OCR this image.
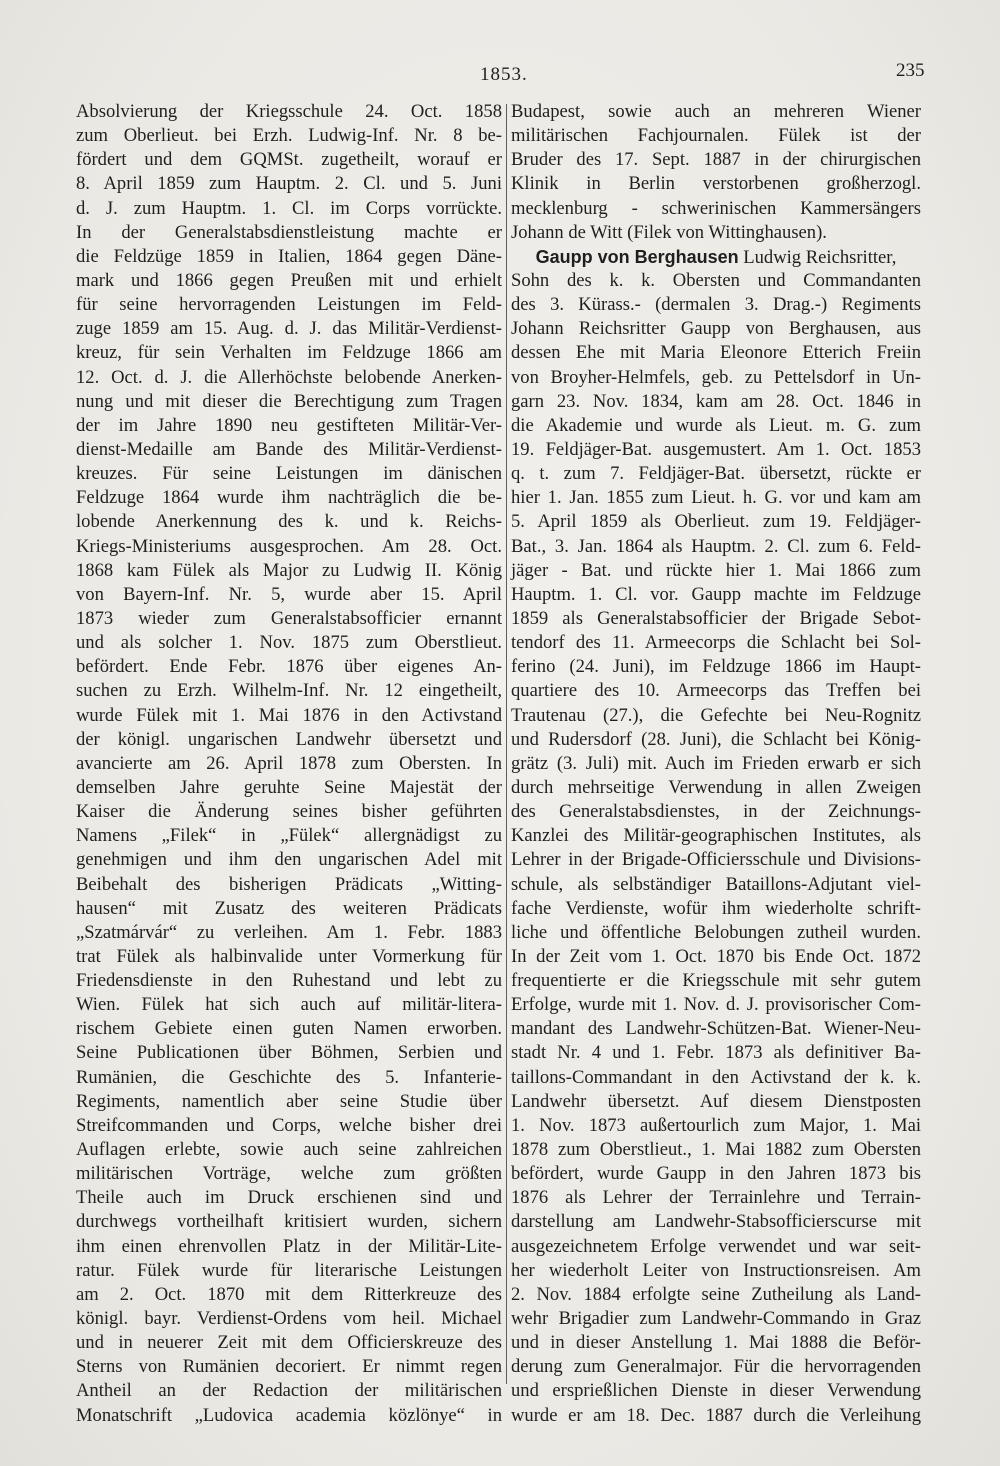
1853.	235
Absolvierung der Kriegsschule 24. Oct. 1858
zum Oberlieut. bei Erzh. Ludwig-Inf. Nr. 8 be-
fördert und dem GQMSt. zugetheilt, worauf er
8. April 1859 zum Hauptm. 2. Cl. und 5. Juni
d. J. zum Hauptm. 1. Cl. im Corps vorrückte.
In der Generalstabsdienstleistung machte er
die Feldzüge 1859 in Italien, 1864 gegen Däne-
mark und 1866 gegen Preußen mit und erhielt
für seine hervorragenden Leistungen im Feld-
zuge 1859 am 15. Aug. d. J. das Militär-Verdienst-
kreuz, für sein Verhalten im Feldzuge 1866 am
12. Oct. d. J. die Allerhöchste belobende Anerken-
nung und mit dieser die Berechtigung zum Tragen
der im Jahre 1890 neu gestifteten Militär-Ver-
dienst-Medaille am Bande des Militär-Verdienst-
kreuzes. Für seine Leistungen im dänischen
Feldzuge 1864 wurde ihm nachträglich die be-
lobende Anerkennung des k. und k. Reichs-
Kriegs-Ministeriums ausgesprochen. Am 28. Oct.
1868 kam Fülek als Major zu Ludwig II. König
von Bayern-Inf. Nr. 5, wurde aber 15. April
1873 wieder zum Generalstabsofficier ernannt
und als solcher 1. Nov. 1875 zum Oberstlieut.
befördert. Ende Febr. 1876 über eigenes An-
suchen zu Erzh. Wilhelm-Inf. Nr. 12 eingetheilt,
wurde Fülek mit 1. Mai 1876 in den Activstand
der königl. ungarischen Landwehr übersetzt und
avancierte am 26. April 1878 zum Obersten. In
demselben Jahre geruhte Seine Majestät der
Kaiser die Änderung seines bisher geführten
Namens „Filek“ in „Fülek“ allergnädigst zu
genehmigen und ihm den ungarischen Adel mit
Beibehalt des bisherigen Prädicats „Witting-
hausen“ mit Zusatz des weiteren Prädicats
„Szatmárvár“ zu verleihen. Am 1. Febr. 1883
trat Fülek als halbinvalide unter Vormerkung für
Friedensdienste in den Ruhestand und lebt zu
Wien. Fülek hat sich auch auf militär-litera-
rischem Gebiete einen guten Namen erworben.
Seine Publicationen über Böhmen, Serbien und
Rumänien, die Geschichte des 5. Infanterie-
Regiments, namentlich aber seine Studie über
Streifcommanden und Corps, welche bisher drei
Auflagen erlebte, sowie auch seine zahlreichen
militärischen Vorträge, welche zum größten
Theile auch im Druck erschienen sind und
durchwegs vortheilhaft kritisiert wurden, sichern
ihm einen ehrenvollen Platz in der Militär-Lite-
ratur. Fülek wurde für literarische Leistungen
am 2. Oct. 1870 mit dem Ritterkreuze des
königl. bayr. Verdienst-Ordens vom heil. Michael
und in neuerer Zeit mit dem Officierskreuze des
Sterns von Rumänien decoriert. Er nimmt regen
Antheil an der Redaction der militärischen
Monatschrift „Ludovica academia közlönye“ in
Budapest, sowie auch an mehreren Wiener
militärischen Fachjournalen. Fülek ist der
Bruder des 17. Sept. 1887 in der chirurgischen
Klinik in Berlin verstorbenen großherzogl.
mecklenburg - schwerinischen Kammersängers
Johann de Witt (Filek von Wittinghausen).
Gaupp von Berghausen Ludwig Reichsritter,
Sohn des k. k. Obersten und Commandanten
des 3. Kürass.- (dermalen 3. Drag.-) Regiments
Johann Reichsritter Gaupp von Berghausen, aus
dessen Ehe mit Maria Eleonore Etterich Freiin
von Broyher-Helmfels, geb. zu Pettelsdorf in Un-
garn 23. Nov. 1834, kam am 28. Oct. 1846 in
die Akademie und wurde als Lieut. m. G. zum
19. Feldjäger-Bat. ausgemustert. Am 1. Oct. 1853
q. t. zum 7. Feldjäger-Bat. übersetzt, rückte er
hier 1. Jan. 1855 zum Lieut. h. G. vor und kam am
5. April 1859 als Oberlieut. zum 19. Feldjäger-
Bat., 3. Jan. 1864 als Hauptm. 2. Cl. zum 6. Feld-
jäger - Bat. und rückte hier 1. Mai 1866 zum
Hauptm. 1. Cl. vor. Gaupp machte im Feldzuge
1859 als Generalstabsofficier der Brigade Sebot-
tendorf des 11. Armeecorps die Schlacht bei Sol-
ferino (24. Juni), im Feldzuge 1866 im Haupt-
quartiere des 10. Armeecorps das Treffen bei
Trautenau (27.), die Gefechte bei Neu-Rognitz
und Rudersdorf (28. Juni), die Schlacht bei König-
grätz (3. Juli) mit. Auch im Frieden erwarb er sich
durch mehrseitige Verwendung in allen Zweigen
des Generalstabsdienstes, in der Zeichnungs-
Kanzlei des Militär-geographischen Institutes, als
Lehrer in der Brigade-Officiersschule und Divisions-
schule, als selbständiger Bataillons-Adjutant viel-
fache Verdienste, wofür ihm wiederholte schrift-
liche und öffentliche Belobungen zutheil wurden.
In der Zeit vom 1. Oct. 1870 bis Ende Oct. 1872
frequentierte er die Kriegsschule mit sehr gutem
Erfolge, wurde mit 1. Nov. d. J. provisorischer Com-
mandant des Landwehr-Schützen-Bat. Wiener-Neu-
stadt Nr. 4 und 1. Febr. 1873 als definitiver Ba-
taillons-Commandant in den Activstand der k. k.
Landwehr übersetzt. Auf diesem Dienstposten
1. Nov. 1873 außertourlich zum Major, 1. Mai
1878 zum Oberstlieut., 1. Mai 1882 zum Obersten
befördert, wurde Gaupp in den Jahren 1873 bis
1876 als Lehrer der Terrainlehre und Terrain-
darstellung am Landwehr-Stabsofficierscurse mit
ausgezeichnetem Erfolge verwendet und war seit-
her wiederholt Leiter von Instructionsreisen. Am
2. Nov. 1884 erfolgte seine Zutheilung als Land-
wehr Brigadier zum Landwehr-Commando in Graz
und in dieser Anstellung 1. Mai 1888 die Beför-
derung zum Generalmajor. Für die hervorragenden
und ersprießlichen Dienste in dieser Verwendung
wurde er am 18. Dec. 1887 durch die Verleihung
